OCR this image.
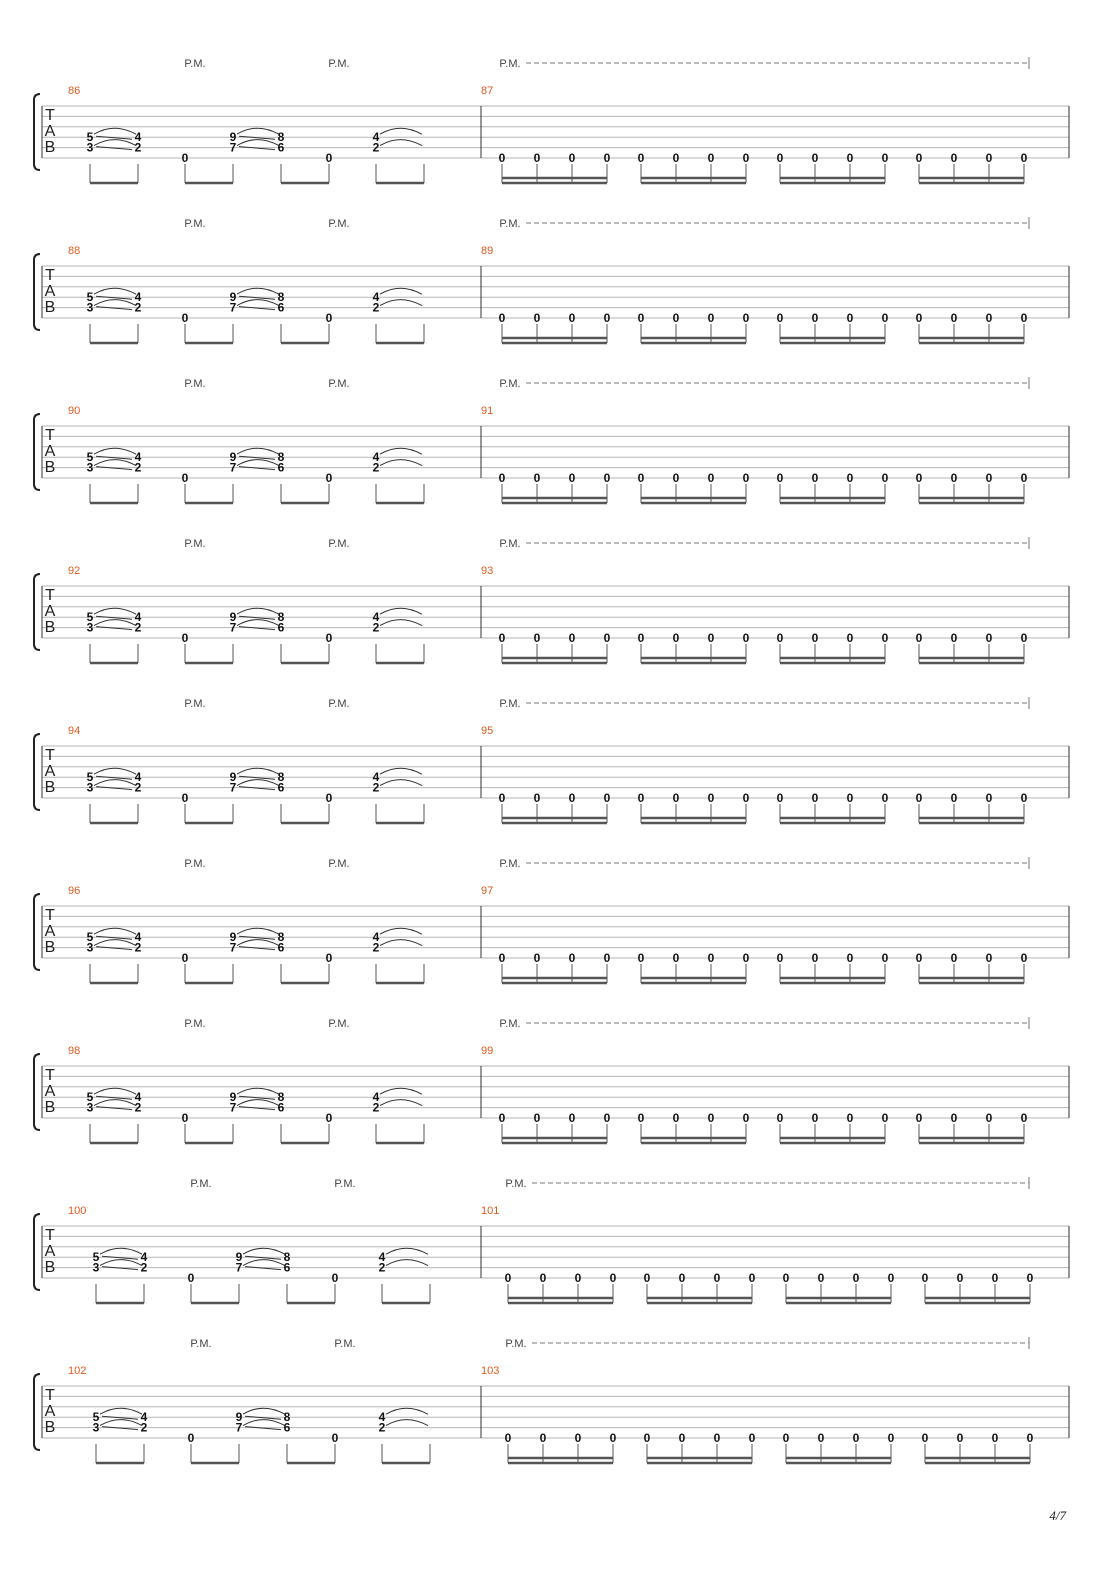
T
A
B
86	87
5	4
3	2
0
P.M.
9	8
7	6
0
P.M.
4
2
P.M.
0 0 0 0 0 0 0 0 0 0 0 0 0 0 0 0
T
A
B
88	89
5	4
3	2
0
P.M.
9	8
7	6
0
P.M.
4
2
P.M.
0 0 0 0 0 0 0 0 0 0 0 0 0 0 0 0
T
A
B
90	91
5	4
3	2
0
P.M.
9	8
7	6
0
P.M.
4
2
P.M.
0 0 0 0 0 0 0 0 0 0 0 0 0 0 0 0
T
A
B
92	93
5	4
3	2
0
P.M.
9	8
7	6
0
P.M.
4
2
P.M.
0 0 0 0 0 0 0 0 0 0 0 0 0 0 0 0
T
A
B
94	95
5	4
3	2
0
P.M.
9	8
7	6
0
P.M.
4
2
P.M.
0 0 0 0 0 0 0 0 0 0 0 0 0 0 0 0
T
A
B
96	97
5	4
3	2
0
P.M.
9	8
7	6
0
P.M.
4
2
P.M.
0 0 0 0 0 0 0 0 0 0 0 0 0 0 0 0
T
A
B
98	99
5	4
3	2
0
P.M.
9	8
7	6
0
P.M.
4
2
P.M.
0 0 0 0 0 0 0 0 0 0 0 0 0 0 0 0
T
A
B
100	101
5	4
3	2
0
P.M.
9	8
7	6
0
P.M.
4
2
P.M.
0 0 0 0 0 0 0 0 0 0 0 0 0 0 0 0
T
A
B
102	103
5	4
3	2
0
P.M.
9	8
7	6
0
P.M.
4
2
P.M.
0 0 0 0 0 0 0 0 0 0 0 0 0 0 0 0
4/7
